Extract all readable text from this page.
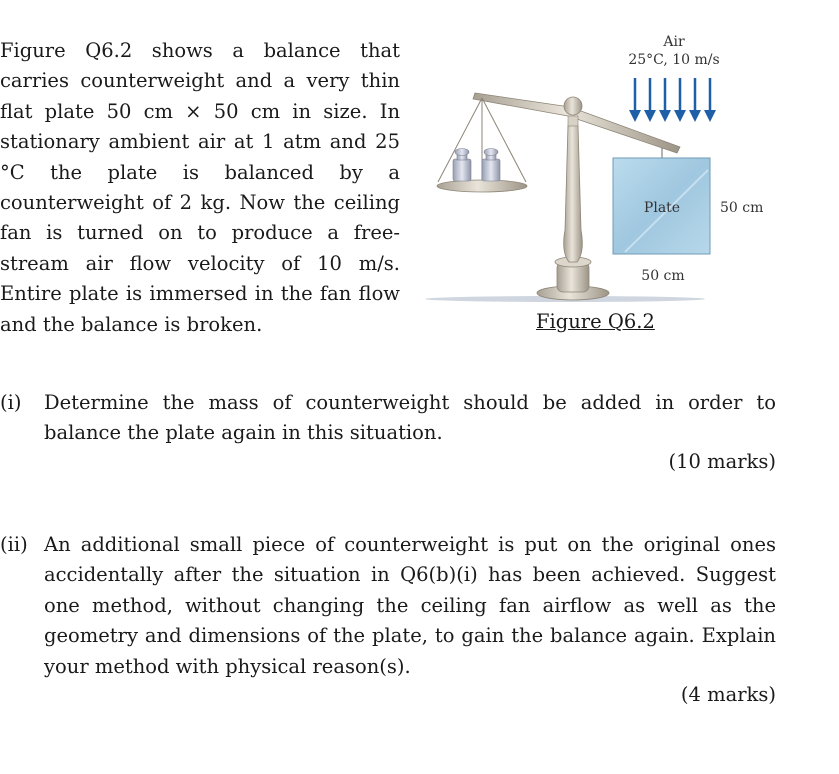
Figure Q6.2 shows a balance that carries counterweight and a very thin flat plate 50 cm × 50 cm in size. In stationary ambient air at 1 atm and 25 °C the plate is balanced by a counterweight of 2 kg. Now the ceiling fan is turned on to produce a free-stream air flow velocity of 10 m/s. Entire plate is immersed in the fan flow and the balance is broken.

Air
25°C, 10 m/s
Plate	50 cm
50 cm
Figure Q6.2
(i) Determine the mass of counterweight should be added in order to balance the plate again in this situation.
(10 marks)
(ii) An additional small piece of counterweight is put on the original ones accidentally after the situation in Q6(b)(i) has been achieved. Suggest one method, without changing the ceiling fan airflow as well as the geometry and dimensions of the plate, to gain the balance again. Explain your method with physical reason(s).
(4 marks)
